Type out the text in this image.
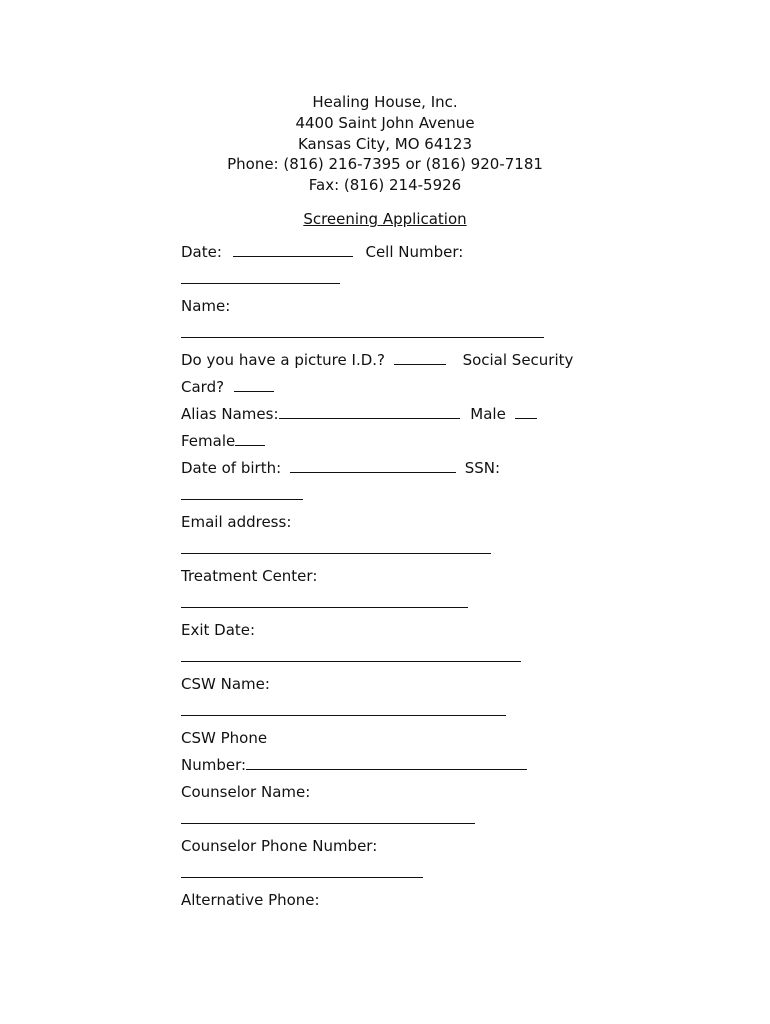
Healing House, Inc.
4400 Saint John Avenue
Kansas City, MO 64123
Phone: (816) 216-7395 or (816) 920-7181
Fax: (816) 214-5926
Screening Application
Date:	Cell Number:
Name:
Do you have a picture I.D.?	Social Security
Card?
Alias Names:	Male
Female
Date of birth:	SSN:
Email address:
Treatment Center:
Exit Date:
CSW Name:
CSW Phone
Number:
Counselor Name:
Counselor Phone Number:
Alternative Phone:
